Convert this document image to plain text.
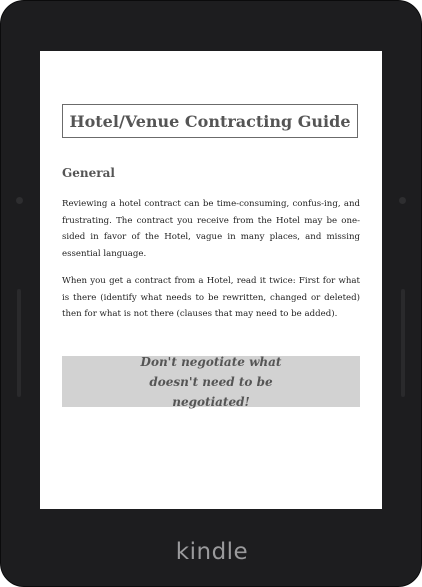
Hotel/Venue Contracting Guide
General

Reviewing a hotel contract can be time-consuming, confus-ing, and frustrating. The contract you receive from the Hotel may be one-sided in favor of the Hotel, vague in many places, and missing essential language.

When you get a contract from a Hotel, read it twice: First for what is there (identify what needs to be rewritten, changed or deleted) then for what is not there (clauses that may need to be added).

Don't negotiate what doesn't need to be negotiated!
kindle
